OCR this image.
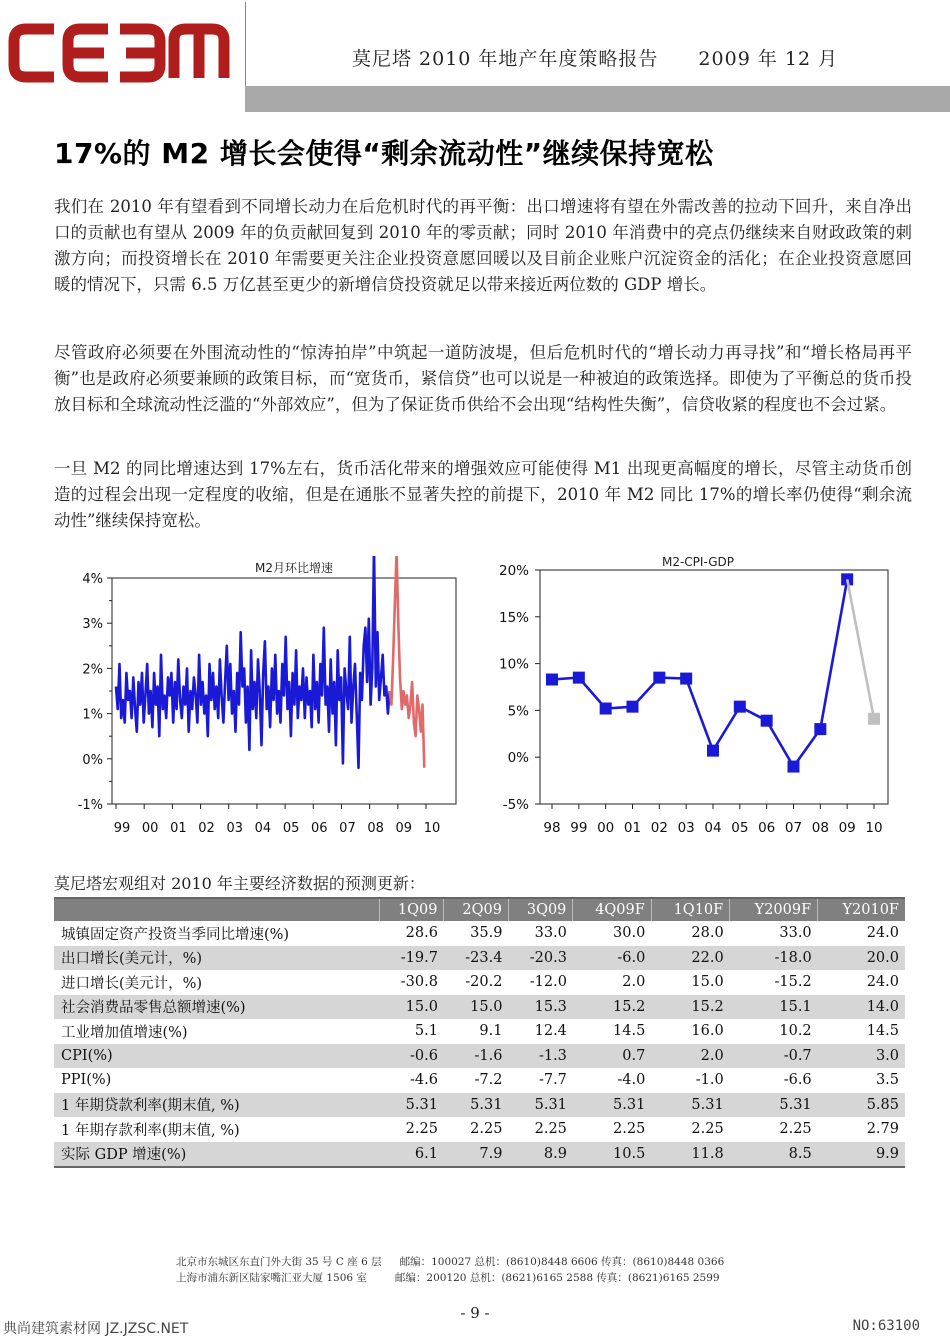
CEBM
莫尼塔 2010 年地产年度策略报告　　2009 年 12 月
17%的 M2 增长会使得“剩余流动性”继续保持宽松

我们在 2010 年有望看到不同增长动力在后危机时代的再平衡：出口增速将有望在外需改善的拉动下回升，来自净出口的贡献也有望从 2009 年的负贡献回复到 2010 年的零贡献；同时 2010 年消费中的亮点仍继续来自财政政策的刺激方向；而投资增长在 2010 年需要更关注企业投资意愿回暖以及目前企业账户沉淀资金的活化；在企业投资意愿回暖的情况下，只需 6.5 万亿甚至更少的新增信贷投资就足以带来接近两位数的 GDP 增长。

尽管政府必须要在外围流动性的“惊涛拍岸”中筑起一道防波堤，但后危机时代的“增长动力再寻找”和“增长格局再平衡”也是政府必须要兼顾的政策目标，而“宽货币，紧信贷”也可以说是一种被迫的政策选择。即使为了平衡总的货币投放目标和全球流动性泛滥的“外部效应”，但为了保证货币供给不会出现“结构性失衡”，信贷收紧的程度也不会过紧。

一旦 M2 的同比增速达到 17%左右，货币活化带来的增强效应可能使得 M1 出现更高幅度的增长，尽管主动货币创造的过程会出现一定程度的收缩，但是在通胀不显著失控的前提下，2010 年 M2 同比 17%的增长率仍使得“剩余流动性”继续保持宽松。

M2月环比增速
-1%
0%
1%
2%
3%
4%
99 00 01 02 03 04 05 06 07 08 09 10
M2-CPI-GDP
-5%
0%
5%
10%
15%
20%
98 99 00 01 02 03 04 05 06 07 08 09 10
莫尼塔宏观组对 2010 年主要经济数据的预测更新：
	1Q09	2Q09	3Q09	4Q09F	1Q10F	Y2009F	Y2010F
城镇固定资产投资当季同比增速(%)	28.6	35.9	33.0	30.0	28.0	33.0	24.0
出口增长(美元计，%)	-19.7	-23.4	-20.3	-6.0	22.0	-18.0	20.0
进口增长(美元计，%)	-30.8	-20.2	-12.0	2.0	15.0	-15.2	24.0
社会消费品零售总额增速(%)	15.0	15.0	15.3	15.2	15.2	15.1	14.0
工业增加值增速(%)	5.1	9.1	12.4	14.5	16.0	10.2	14.5
CPI(%)	-0.6	-1.6	-1.3	0.7	2.0	-0.7	3.0
PPI(%)	-4.6	-7.2	-7.7	-4.0	-1.0	-6.6	3.5
1 年期贷款利率(期末值, %)	5.31	5.31	5.31	5.31	5.31	5.31	5.85
1 年期存款利率(期末值, %)	2.25	2.25	2.25	2.25	2.25	2.25	2.79
实际 GDP 增速(%)	6.1	7.9	8.9	10.5	11.8	8.5	9.9
北京市东城区东直门外大街 35 号 C 座 6 层 邮编：100027 总机：(8610)8448 6606 传真：(8610)8448 0366
上海市浦东新区陆家嘴汇亚大厦 1506 室	邮编：200120 总机：(8621)6165 2588 传真：(8621)6165 2599
- 9 -
典尚建筑素材网 JZ.JZSC.NET	NO:63100
